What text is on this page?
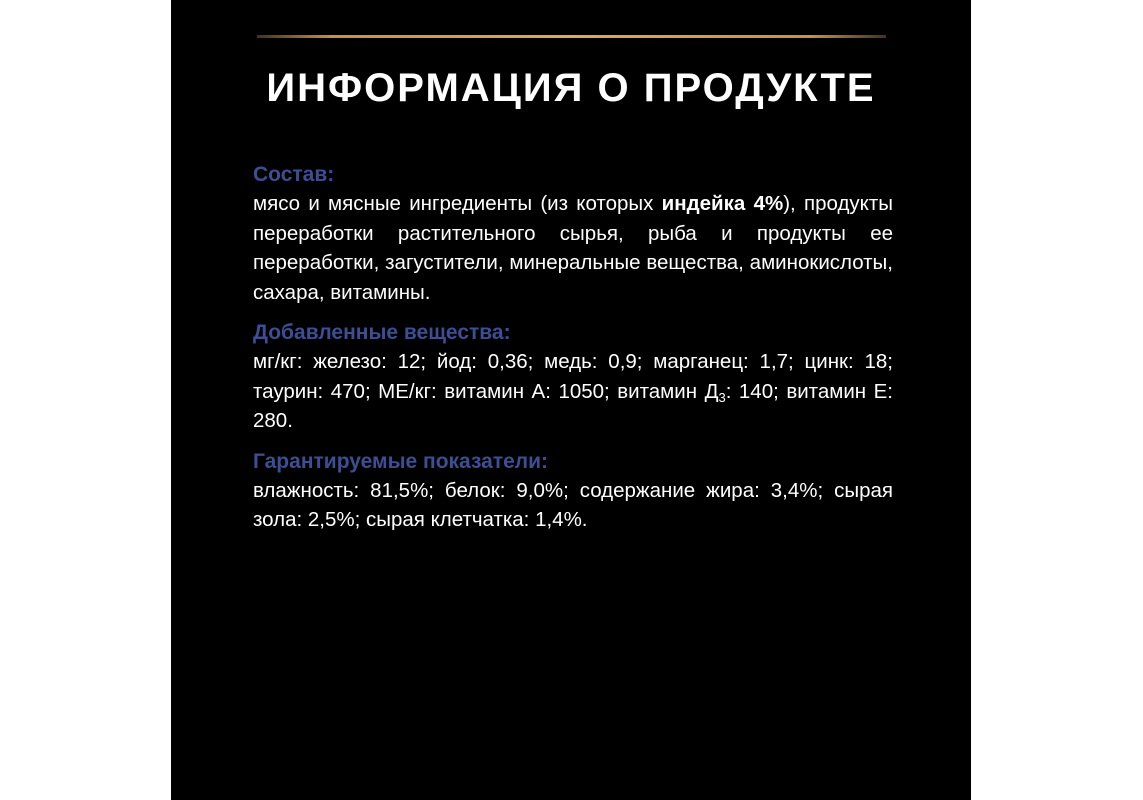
ИНФОРМАЦИЯ О ПРОДУКТЕ
Состав:

мясо и мясные ингредиенты (из которых индейка 4%), продукты переработки растительного сырья, рыба и продукты ее переработки, загустители, минеральные вещества, аминокислоты, сахара, витамины.

Добавленные вещества:

мг/кг: железо: 12; йод: 0,36; медь: 0,9; марганец: 1,7; цинк: 18; таурин: 470; МЕ/кг: витамин А: 1050; витамин $Д_3$: 140; витамин Е: 280.

Гарантируемые показатели:

влажность: 81,5%; белок: 9,0%; содержание жира: 3,4%; сырая зола: 2,5%; сырая клетчатка: 1,4%.
